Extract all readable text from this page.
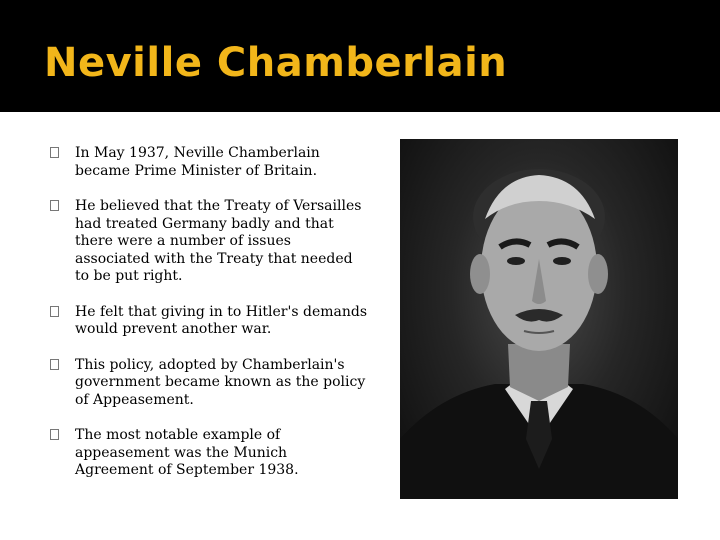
Neville Chamberlain
In May 1937, Neville Chamberlain became Prime Minister of Britain.
He believed that the Treaty of Versailles had treated Germany badly and that there were a number of issues associated with the Treaty that needed to be put right.
He felt that giving in to Hitler's demands would prevent another war.
This policy, adopted by Chamberlain's government became known as the policy of Appeasement.
The most notable example of appeasement was the Munich Agreement of September 1938.
